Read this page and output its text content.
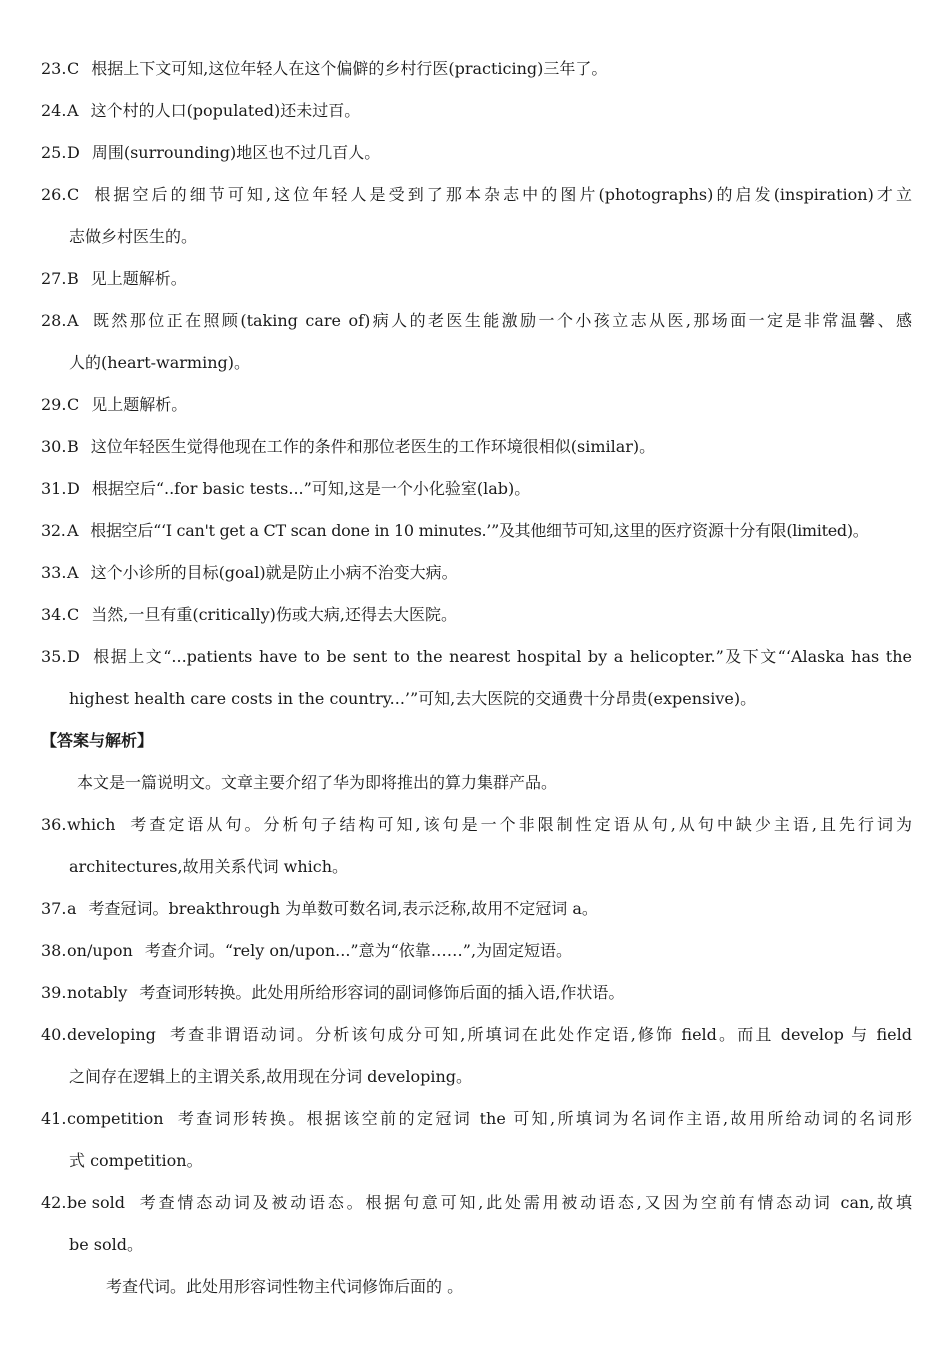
23.C 根据上下文可知,这位年轻人在这个偏僻的乡村行医(practicing)三年了。
24.A 这个村的人口(populated)还未过百。
25.D 周围(surrounding)地区也不过几百人。
26.C 根据空后的细节可知,这位年轻人是受到了那本杂志中的图片(photographs)的启发(inspiration)才立
志做乡村医生的。
27.B 见上题解析。
28.A 既然那位正在照顾(taking care of)病人的老医生能激励一个小孩立志从医,那场面一定是非常温馨、感
人的(heart-warming)。
29.C 见上题解析。
30.B 这位年轻医生觉得他现在工作的条件和那位老医生的工作环境很相似(similar)。
31.D 根据空后“..for basic tests...”可知,这是一个小化验室(lab)。
32.A 根据空后“‘I can't get a CT scan done in 10 minutes.’”及其他细节可知,这里的医疗资源十分有限(limited)。
33.A 这个小诊所的目标(goal)就是防止小病不治变大病。
34.C 当然,一旦有重(critically)伤或大病,还得去大医院。
35.D 根据上文“...patients have to be sent to the nearest hospital by a helicopter.”及下文“‘Alaska has the
highest health care costs in the country...’”可知,去大医院的交通费十分昂贵(expensive)。
【答案与解析】
本文是一篇说明文。文章主要介绍了华为即将推出的算力集群产品。
36.which 考查定语从句。分析句子结构可知,该句是一个非限制性定语从句,从句中缺少主语,且先行词为
architectures,故用关系代词 which。
37.a 考查冠词。breakthrough 为单数可数名词,表示泛称,故用不定冠词 a。
38.on/upon 考查介词。“rely on/upon...”意为“依靠……”,为固定短语。
39.notably 考查词形转换。此处用所给形容词的副词修饰后面的插入语,作状语。
40.developing 考查非谓语动词。分析该句成分可知,所填词在此处作定语,修饰 field。而且 develop 与 field
之间存在逻辑上的主谓关系,故用现在分词 developing。
41.competition 考查词形转换。根据该空前的定冠词 the 可知,所填词为名词作主语,故用所给动词的名词形
式 competition。
42.be sold 考查情态动词及被动语态。根据句意可知,此处需用被动语态,又因为空前有情态动词 can,故填
be sold。
考查代词。此处用形容词性物主代词修饰后面的 。
